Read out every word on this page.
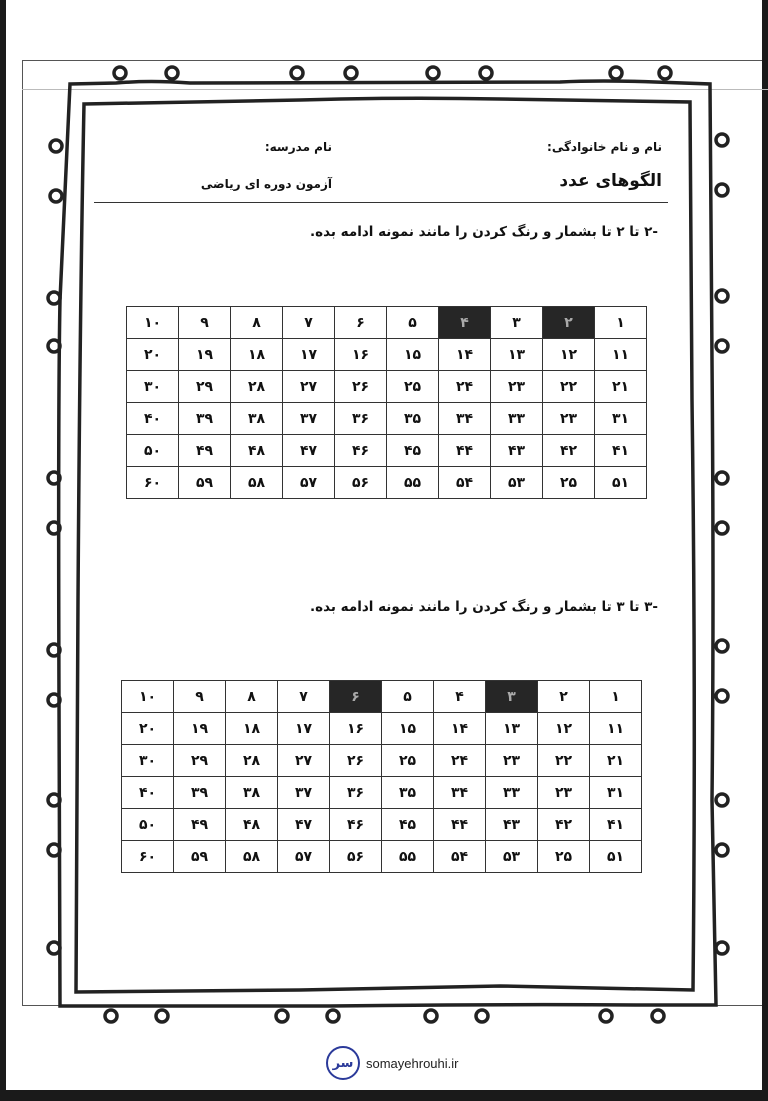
نام و نام خانوادگی:
نام مدرسه:
الگوهای عدد
آزمون دوره ای ریاضی
-۲ تا ۲ تا بشمار و رنگ کردن را مانند نمونه ادامه بده.
۱	۲	۳	۴	۵	۶	۷	۸	۹	۱۰
۱۱	۱۲	۱۳	۱۴	۱۵	۱۶	۱۷	۱۸	۱۹	۲۰
۲۱	۲۲	۲۳	۲۴	۲۵	۲۶	۲۷	۲۸	۲۹	۳۰
۳۱	۲۳	۳۳	۳۴	۳۵	۳۶	۳۷	۳۸	۳۹	۴۰
۴۱	۴۲	۴۳	۴۴	۴۵	۴۶	۴۷	۴۸	۴۹	۵۰
۵۱	۲۵	۵۳	۵۴	۵۵	۵۶	۵۷	۵۸	۵۹	۶۰
-۳ تا ۳ تا بشمار و رنگ کردن را مانند نمونه ادامه بده.
۱	۲	۳	۴	۵	۶	۷	۸	۹	۱۰
۱۱	۱۲	۱۳	۱۴	۱۵	۱۶	۱۷	۱۸	۱۹	۲۰
۲۱	۲۲	۲۳	۲۴	۲۵	۲۶	۲۷	۲۸	۲۹	۳۰
۳۱	۲۳	۳۳	۳۴	۳۵	۳۶	۳۷	۳۸	۳۹	۴۰
۴۱	۴۲	۴۳	۴۴	۴۵	۴۶	۴۷	۴۸	۴۹	۵۰
۵۱	۲۵	۵۳	۵۴	۵۵	۵۶	۵۷	۵۸	۵۹	۶۰
سر somayehrouhi.ir
